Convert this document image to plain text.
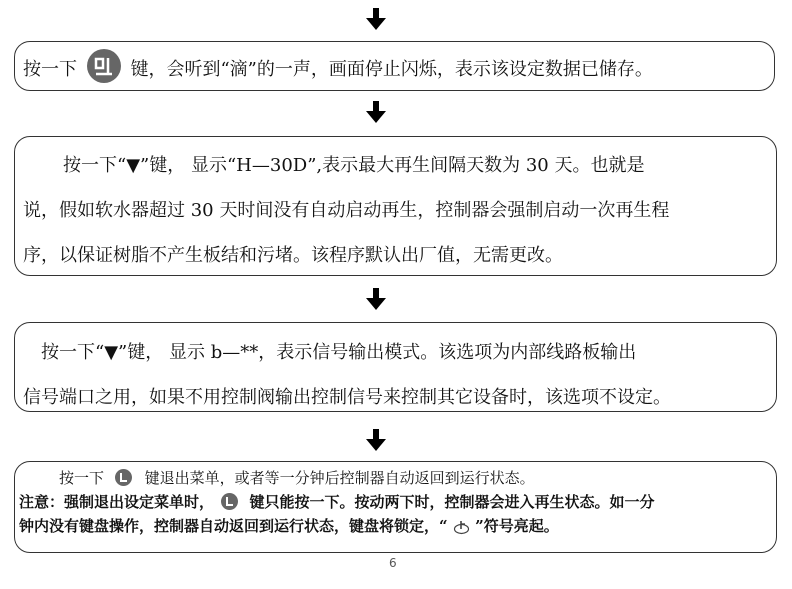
按一下	键，会听到“滴”的一声，画面停止闪烁，表示该设定数据已储存。
按一下“▼”键， 显示“H—30D”,表示最大再生间隔天数为 30 天。也就是
说，假如软水器超过 30 天时间没有自动启动再生，控制器会强制启动一次再生程
序，以保证树脂不产生板结和污堵。该程序默认出厂值，无需更改。
按一下“▼”键， 显示 b—**，表示信号输出模式。该选项为内部线路板输出
信号端口之用，如果不用控制阀输出控制信号来控制其它设备时，该选项不设定。
按一下	键退出菜单，或者等一分钟后控制器自动返回到运行状态。
注意：强制退出设定菜单时， 键只能按一下。按动两下时，控制器会进入再生状态。如一分
钟内没有键盘操作，控制器自动返回到运行状态，键盘将锁定，“ ”符号亮起。
6
